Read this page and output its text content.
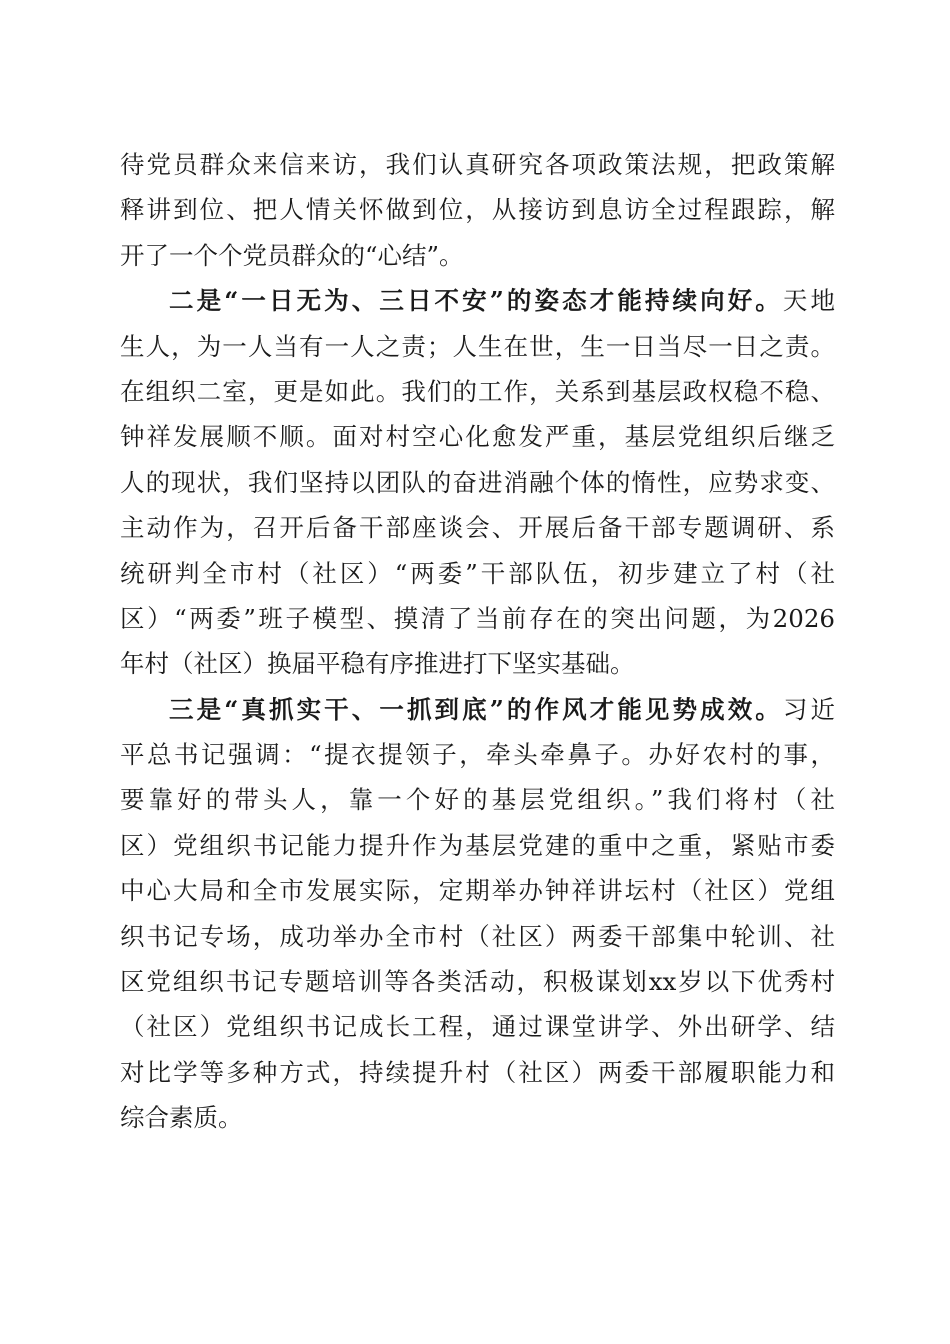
待党员群众来信来访，我们认真研究各项政策法规，把政策解
释讲到位、把人情关怀做到位，从接访到息访全过程跟踪，解
开了一个个党员群众的“心结”。
二是“一日无为、三日不安”的姿态才能持续向好。天地
生人，为一人当有一人之责；人生在世，生一日当尽一日之责。
在组织二室，更是如此。我们的工作，关系到基层政权稳不稳、
钟祥发展顺不顺。面对村空心化愈发严重，基层党组织后继乏
人的现状，我们坚持以团队的奋进消融个体的惰性，应势求变、
主动作为，召开后备干部座谈会、开展后备干部专题调研、系
统研判全市村（社区）“两委”干部队伍，初步建立了村（社
区）“两委”班子模型、摸清了当前存在的突出问题，为2026
年村（社区）换届平稳有序推进打下坚实基础。
三是“真抓实干、一抓到底”的作风才能见势成效。习近
平总书记强调：“提衣提领子，牵头牵鼻子。办好农村的事，
要靠好的带头人，靠一个好的基层党组织。”我们将村（社
区）党组织书记能力提升作为基层党建的重中之重，紧贴市委
中心大局和全市发展实际，定期举办钟祥讲坛村（社区）党组
织书记专场，成功举办全市村（社区）两委干部集中轮训、社
区党组织书记专题培训等各类活动，积极谋划xx岁以下优秀村
（社区）党组织书记成长工程，通过课堂讲学、外出研学、结
对比学等多种方式，持续提升村（社区）两委干部履职能力和
综合素质。
